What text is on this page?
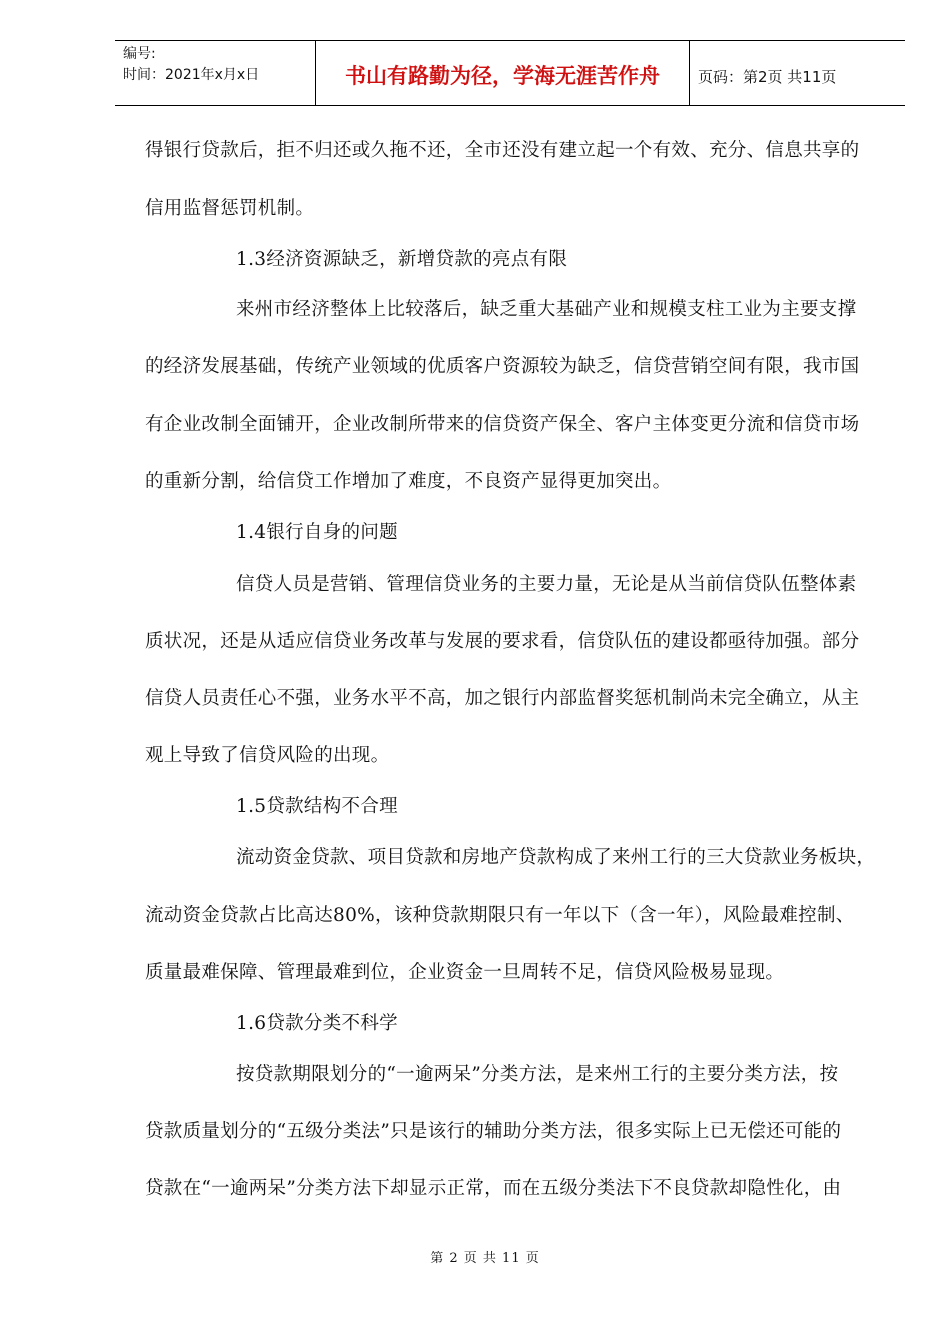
编号:
时间：2021年x月x日	书山有路勤为径，学海无涯苦作舟	页码：第2页 共11页
得银行贷款后，拒不归还或久拖不还，全市还没有建立起一个有效、充分、信息共享的
信用监督惩罚机制。
1.3经济资源缺乏，新增贷款的亮点有限
来州市经济整体上比较落后，缺乏重大基础产业和规模支柱工业为主要支撑
的经济发展基础，传统产业领域的优质客户资源较为缺乏，信贷营销空间有限，我市国
有企业改制全面铺开，企业改制所带来的信贷资产保全、客户主体变更分流和信贷市场
的重新分割，给信贷工作增加了难度，不良资产显得更加突出。
1.4银行自身的问题
信贷人员是营销、管理信贷业务的主要力量，无论是从当前信贷队伍整体素
质状况，还是从适应信贷业务改革与发展的要求看，信贷队伍的建设都亟待加强。部分
信贷人员责任心不强，业务水平不高，加之银行内部监督奖惩机制尚未完全确立，从主
观上导致了信贷风险的出现。
1.5贷款结构不合理
流动资金贷款、项目贷款和房地产贷款构成了来州工行的三大贷款业务板块，
流动资金贷款占比高达80%，该种贷款期限只有一年以下（含一年），风险最难控制、
质量最难保障、管理最难到位，企业资金一旦周转不足，信贷风险极易显现。
1.6贷款分类不科学
按贷款期限划分的“一逾两呆”分类方法，是来州工行的主要分类方法，按
贷款质量划分的“五级分类法”只是该行的辅助分类方法，很多实际上已无偿还可能的
贷款在“一逾两呆”分类方法下却显示正常，而在五级分类法下不良贷款却隐性化，由
第 2 页 共 11 页
